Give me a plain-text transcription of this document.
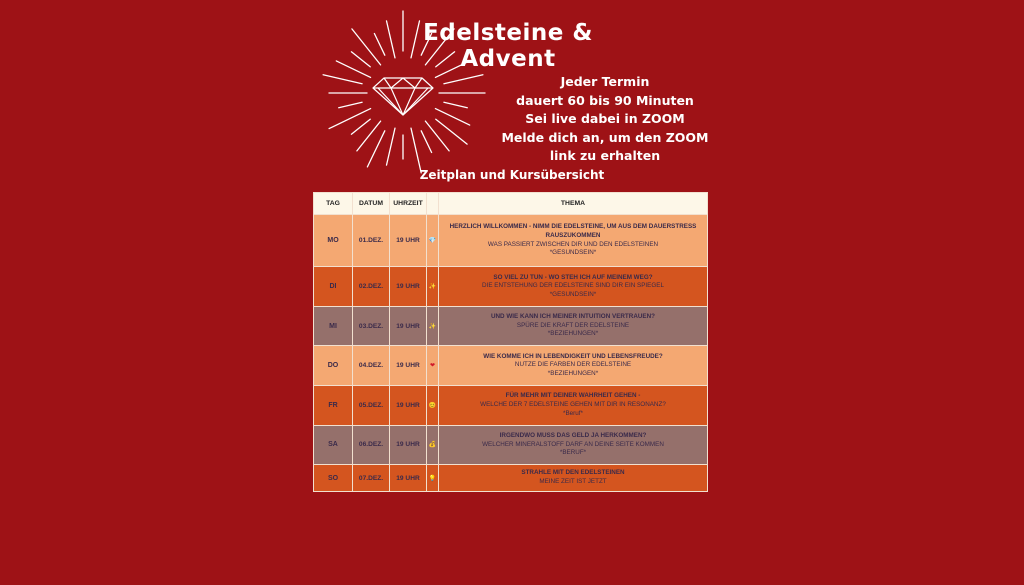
Edelsteine & Advent
Jeder Termin
dauert 60 bis 90 Minuten
Sei live dabei in ZOOM
Melde dich an, um den ZOOM
link zu erhalten
Zeitplan und Kursübersicht
TAG	DATUM	UHRZEIT		THEMA
MO	01.DEZ.	19 UHR	💎	HERZLICH WILLKOMMEN - NIMM DIE EDELSTEINE, UM AUS DEM DAUERSTRESS RAUSZUKOMMEN
WAS PASSIERT ZWISCHEN DIR UND DEN EDELSTEINEN
*GESUNDSEIN*

DI	02.DEZ.	19 UHR	✨	SO VIEL ZU TUN - WO STEH ICH AUF MEINEM WEG?
DIE ENTSTEHUNG DER EDELSTEINE SIND DIR EIN SPIEGEL
*GESUNDSEIN*

MI	03.DEZ.	19 UHR	✨	UND WIE KANN ICH MEINER INTUITION VERTRAUEN?
SPÜRE DIE KRAFT DER EDELSTEINE
*BEZIEHUNGEN*

DO	04.DEZ.	19 UHR	❤	WIE KOMME ICH IN LEBENDIGKEIT UND LEBENSFREUDE?
NUTZE DIE FARBEN DER EDELSTEINE
*BEZIEHUNGEN*

FR	05.DEZ.	19 UHR	😊	FÜR MEHR MIT DEINER WAHRHEIT GEHEN -
WELCHE DER 7 EDELSTEINE GEHEN MIT DIR IN RESONANZ?
*Beruf*

SA	06.DEZ.	19 UHR	💰	IRGENDWO MUSS DAS GELD JA HERKOMMEN?
WELCHER MINERALSTOFF DARF AN DEINE SEITE KOMMEN
*BERUF*

SO	07.DEZ.	19 UHR	💡	STRAHLE MIT DEN EDELSTEINEN
MEINE ZEIT IST JETZT
